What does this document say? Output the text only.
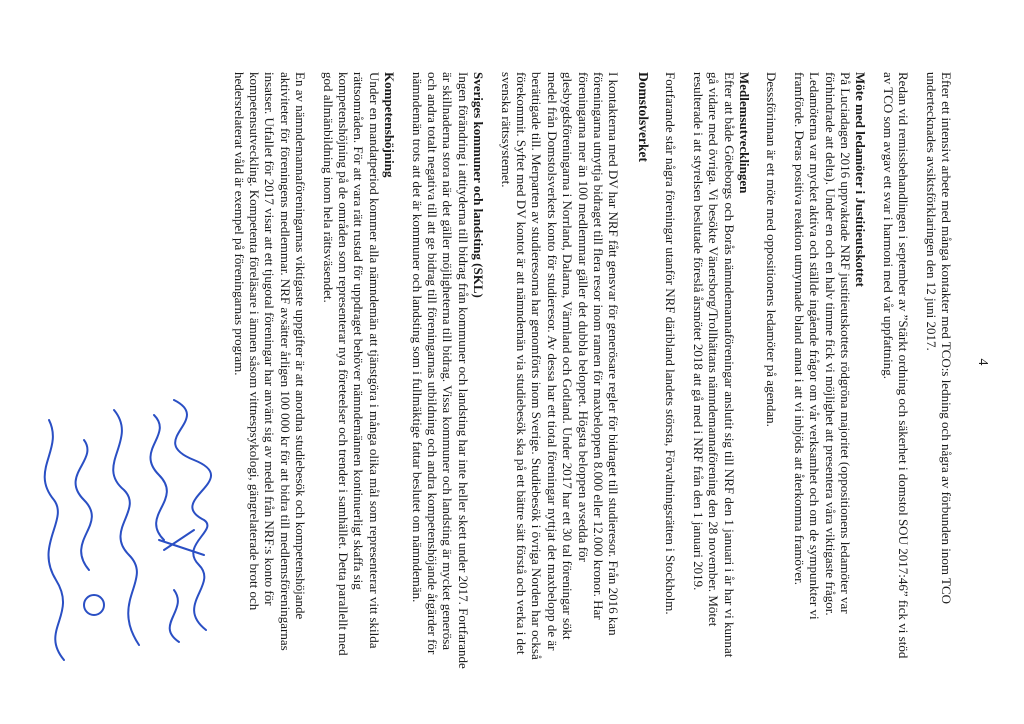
4

Efter ett intensivt arbete med många kontakter med TCO:s ledning och några av förbunden inom TCO undertecknades avsiktsförklaringen den 12 juni 2017.

Redan vid remissbehandlingen i september av ”Stärkt ordning och säkerhet i domstol SOU 2017:46” fick vi stöd av TCO som avgav ett svar i harmoni med vår uppfattning.

Möte med ledamöter i Justitieutskottet

På Luciadagen 2016 uppvaktade NRF justitieutskottets rödgröna majoritet (oppositionens ledamöter var förhindrade att delta). Under en och en halv timme fick vi möjlighet att presentera våra viktigaste frågor. Ledamöterna var mycket aktiva och ställde ingående frågor om vår verksamhet och om de sympunkter vi framförde. Deras positiva reaktion utmynnade bland annat i att vi inbjöds att återkomma framöver.

Desssförinnan är ett möte med oppositionens ledamöter på agendan.

Medlemsutvecklingen

Efter att både Göteborgs och Borås nämndemannaföreningar anslutit sig till NRF den 1 januari i år har vi kunnat gå vidare med övriga. Vi besökte Vänersborg/Trollhättans nämndemannaförening den 28 november. Mötet resulterade i att styrelsen beslutade föreslå årsmötet 2018 att gå med i NRF från den 1 januari 2019.

Fortfarande står några föreningar utanför NRF däribland landets största, Förvaltningsrätten i Stockholm.

Domstolsverket

I kontakterna med DV har NRF fått gensvar för generösare regler för bidraget till studieresor. Från 2016 kan föreningarna utnyttja bidraget till flera resor inom ramen för maxbeloppen 8.000 eller 12.000 kronor. Har föreningarna mer än 100 medlemmar gäller det dubbla beloppet. Högsta beloppen avsedda för glesbygdsföreningarna i Norrland, Dalarna, Värmland och Gotland. Under 2017 har ett 30 tal föreningar sökt medel från Domstolsverkets konto för studieresor. Av dessa har ett tiotal föreningar nyttjat det maxbelopp de är berättigade till. Merparten av studieresorna har genomförts inom Sverige. Studiebesök i övriga Norden har också förekommit. Syftet med DV kontot är att nämndemän via studiebesök ska på ett bättre sätt förstå och verka i det svenska rättssystemet.

Sveriges kommuner och landsting (SKL)

Ingen förändring i attityderna till bidrag från kommuner och landsting har inte heller skett under 2017. Fortfarande är skillnaderna stora när det gäller möjligheterna till bidrag. Vissa kommuner och landsting är mycket generösa och andra totalt negativa till att ge bidrag till föreningarnas utbildning och andra kompetenshöjande åtgärder för nämndemän trots att det är kommuner och landsting som i fullmäktige fattar beslutet om nämndemän.

Kompetenshöjning

Under en mandatperiod kommer alla nämndemän att tjänstgöra i många olika mål som representerar vitt skilda rättsområden. För att vara rätt rustad för uppdraget behöver nämndemännen kontinuerligt skaffa sig kompetenshöjning på de områden som representerar nya företeelser och trender i samhället. Detta parallellt med god allmänbildning inom hela rättsväsendet.

En av nämndemannaföreningarnas viktigaste uppgifter är att anordna studiebesök och kompetenshöjande aktiviteter för föreningens medlemmar. NRF avsätter årligen 100 000 kr för att bidra till medlemsföreningarnas insatser. Utfallet för 2017 visar att ett tjugotal föreningar har använt sig av medel från NRF:s konto för kompetensutveckling. Kompetenta föreläsare i ämnen såsom vittnespsykologi, gängrelaterade brott och hedersrelaterat våld är exempel på föreningarnas program.
